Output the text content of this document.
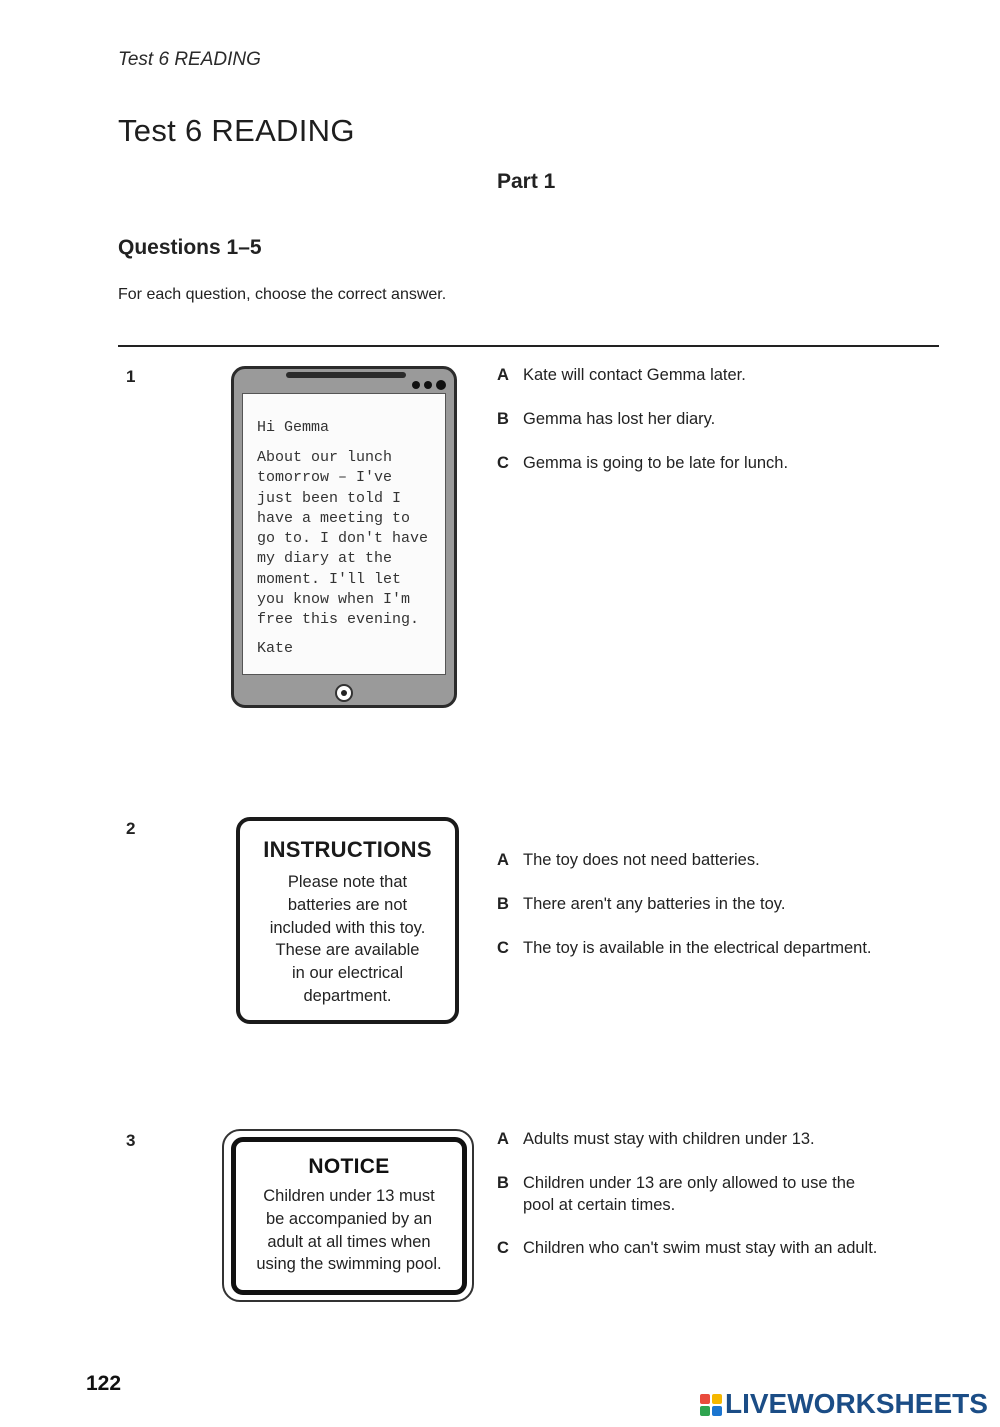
Test 6 READING
Test 6 READING
Part 1
Questions 1–5
For each question, choose the correct answer.
1
Hi Gemma
About our lunch
tomorrow – I've
just been told I
have a meeting to
go to. I don't have
my diary at the
moment. I'll let
you know when I'm
free this evening.
Kate
A Kate will contact Gemma later.
B Gemma has lost her diary.
C Gemma is going to be late for lunch.
2
INSTRUCTIONS
Please note that
batteries are not
included with this toy.
These are available
in our electrical
department.
A The toy does not need batteries.
B There aren't any batteries in the toy.
C The toy is available in the electrical department.
3
NOTICE
Children under 13 must
be accompanied by an
adult at all times when
using the swimming pool.
A Adults must stay with children under 13.
B Children under 13 are only allowed to use the
pool at certain times.
C Children who can't swim must stay with an adult.
122
LIVEWORKSHEETS
